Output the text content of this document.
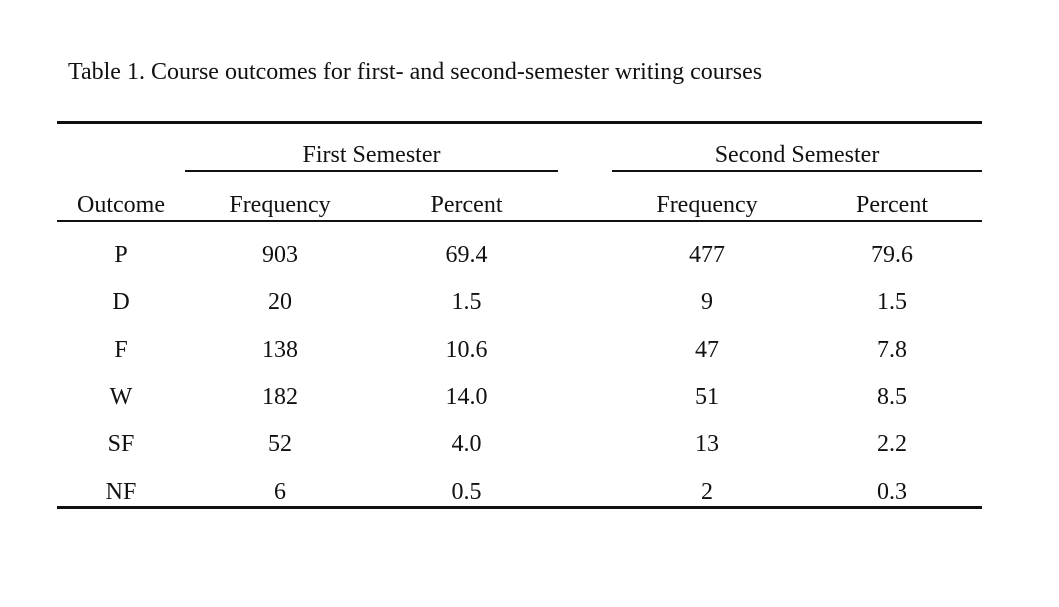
Table 1. Course outcomes for first- and second-semester writing courses
First Semester	Second Semester
Outcome	Frequency	Percent	Frequency	Percent
P	903	69.4	477	79.6
D	20	1.5	9	1.5
F	138	10.6	47	7.8
W	182	14.0	51	8.5
SF	52	4.0	13	2.2
NF	6	0.5	2	0.3
